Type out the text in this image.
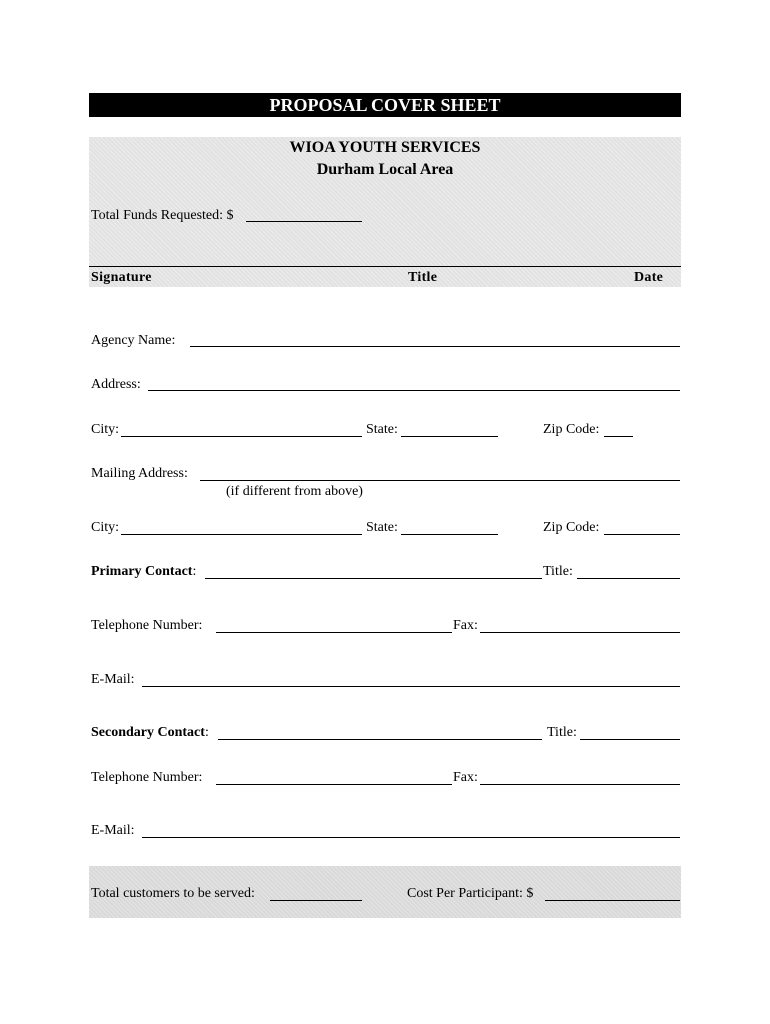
PROPOSAL COVER SHEET
WIOA YOUTH SERVICES
Durham Local Area
Total Funds Requested: $
Signature	Title	Date
Agency Name:
Address:
City:	State:	Zip Code:
Mailing Address:
(if different from above)
City:	State:	Zip Code:
Primary Contact:	Title:
Telephone Number:	Fax:
E-Mail:
Secondary Contact:	Title:
Telephone Number:	Fax:
E-Mail:
Total customers to be served:	Cost Per Participant: $
